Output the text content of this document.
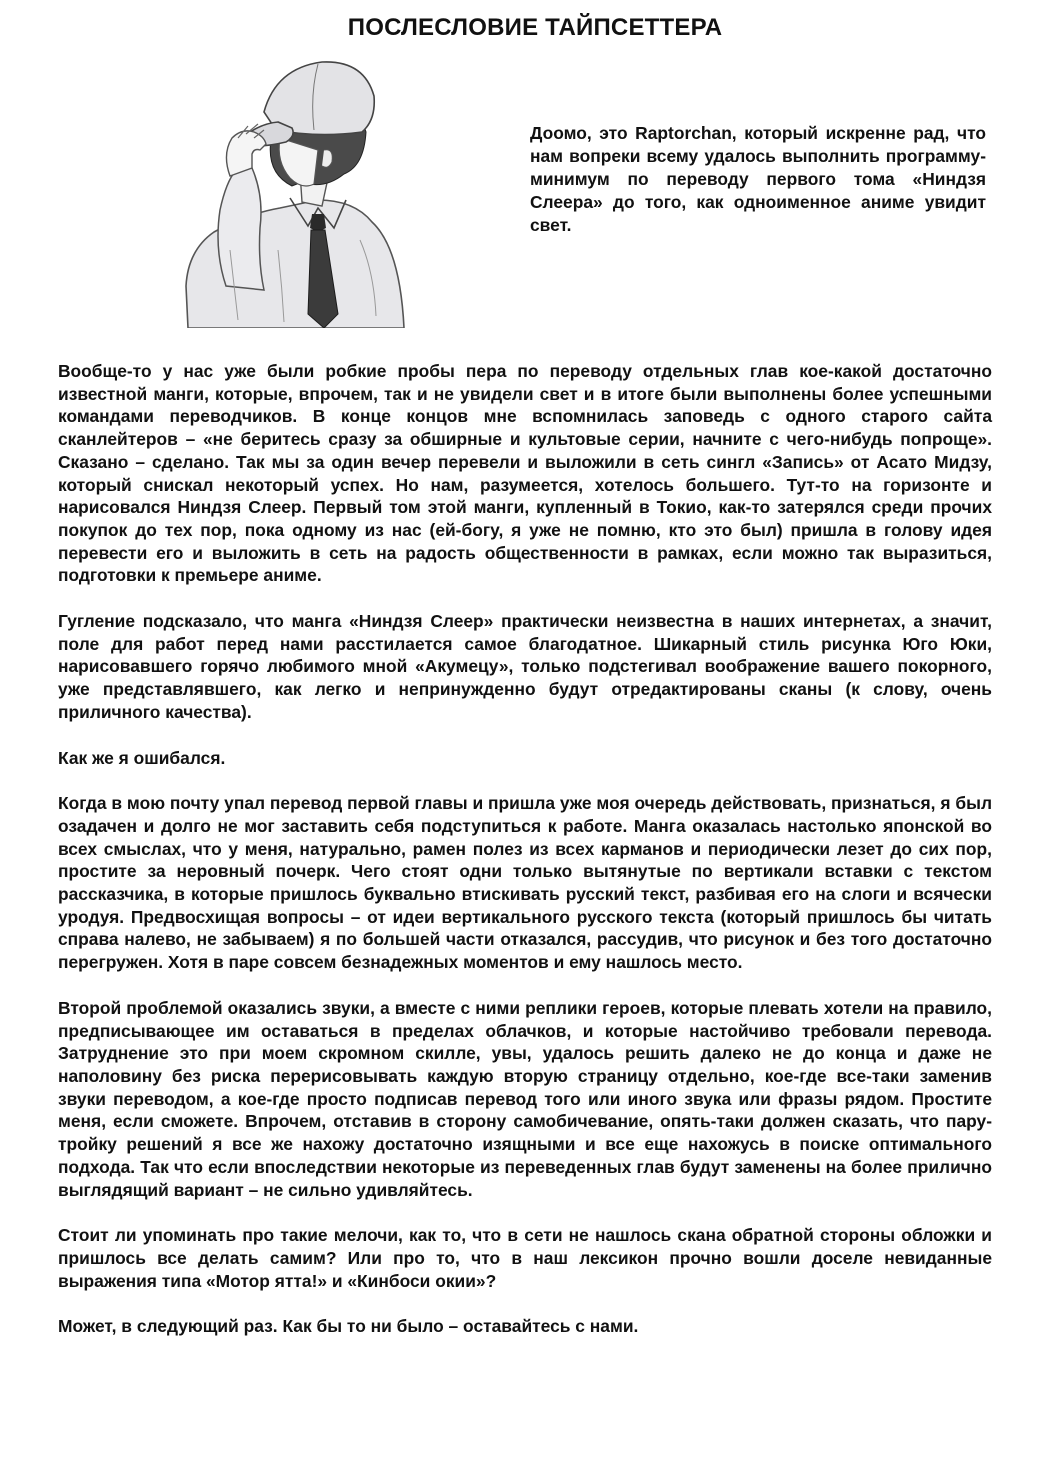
ПОСЛЕСЛОВИЕ ТАЙПСЕТТЕРА

Доомо, это Raptorchan, который искренне рад, что нам вопреки всему удалось выполнить программу-минимум по переводу первого тома «Ниндзя Слеера» до того, как одноименное аниме увидит свет.

Вообще-то у нас уже были робкие пробы пера по переводу отдельных глав кое-какой достаточно известной манги, которые, впрочем, так и не увидели свет и в итоге были выполнены более успешными командами переводчиков. В конце концов мне вспомнилась заповедь с одного старого сайта сканлейтеров – «не беритесь сразу за обширные и культовые серии, начните с чего-нибудь попроще». Сказано – сделано. Так мы за один вечер перевели и выложили в сеть сингл «Запись» от Асато Мидзу, который снискал некоторый успех. Но нам, разумеется, хотелось большего. Тут-то на горизонте и нарисовался Ниндзя Слеер. Первый том этой манги, купленный в Токио, как-то затерялся среди прочих покупок до тех пор, пока одному из нас (ей-богу, я уже не помню, кто это был) пришла в голову идея перевести его и выложить в сеть на радость общественности в рамках, если можно так выразиться, подготовки к премьере аниме.

Гугление подсказало, что манга «Ниндзя Слеер» практически неизвестна в наших интернетах, а значит, поле для работ перед нами расстилается самое благодатное. Шикарный стиль рисунка Юго Юки, нарисовавшего горячо любимого мной «Акумецу», только подстегивал воображение вашего покорного, уже представлявшего, как легко и непринужденно будут отредактированы сканы (к слову, очень приличного качества).

Как же я ошибался.

Когда в мою почту упал перевод первой главы и пришла уже моя очередь действовать, признаться, я был озадачен и долго не мог заставить себя подступиться к работе. Манга оказалась настолько японской во всех смыслах, что у меня, натурально, рамен полез из всех карманов и периодически лезет до сих пор, простите за неровный почерк. Чего стоят одни только вытянутые по вертикали вставки с текстом рассказчика, в которые пришлось буквально втискивать русский текст, разбивая его на слоги и всячески уродуя. Предвосхищая вопросы – от идеи вертикального русского текста (который пришлось бы читать справа налево, не забываем) я по большей части отказался, рассудив, что рисунок и без того достаточно перегружен. Хотя в паре совсем безнадежных моментов и ему нашлось место.

Второй проблемой оказались звуки, а вместе с ними реплики героев, которые плевать хотели на правило, предписывающее им оставаться в пределах облачков, и которые настойчиво требовали перевода. Затруднение это при моем скромном скилле, увы, удалось решить далеко не до конца и даже не наполовину без риска перерисовывать каждую вторую страницу отдельно, кое-где все-таки заменив звуки переводом, а кое-где просто подписав перевод того или иного звука или фразы рядом. Простите меня, если сможете. Впрочем, отставив в сторону самобичевание, опять-таки должен сказать, что пару-тройку решений я все же нахожу достаточно изящными и все еще нахожусь в поиске оптимального подхода. Так что если впоследствии некоторые из переведенных глав будут заменены на более прилично выглядящий вариант – не сильно удивляйтесь.

Стоит ли упоминать про такие мелочи, как то, что в сети не нашлось скана обратной стороны обложки и пришлось все делать самим? Или про то, что в наш лексикон прочно вошли доселе невиданные выражения типа «Мотор ятта!» и «Кинбоси окии»?

Может, в следующий раз. Как бы то ни было – оставайтесь с нами.
